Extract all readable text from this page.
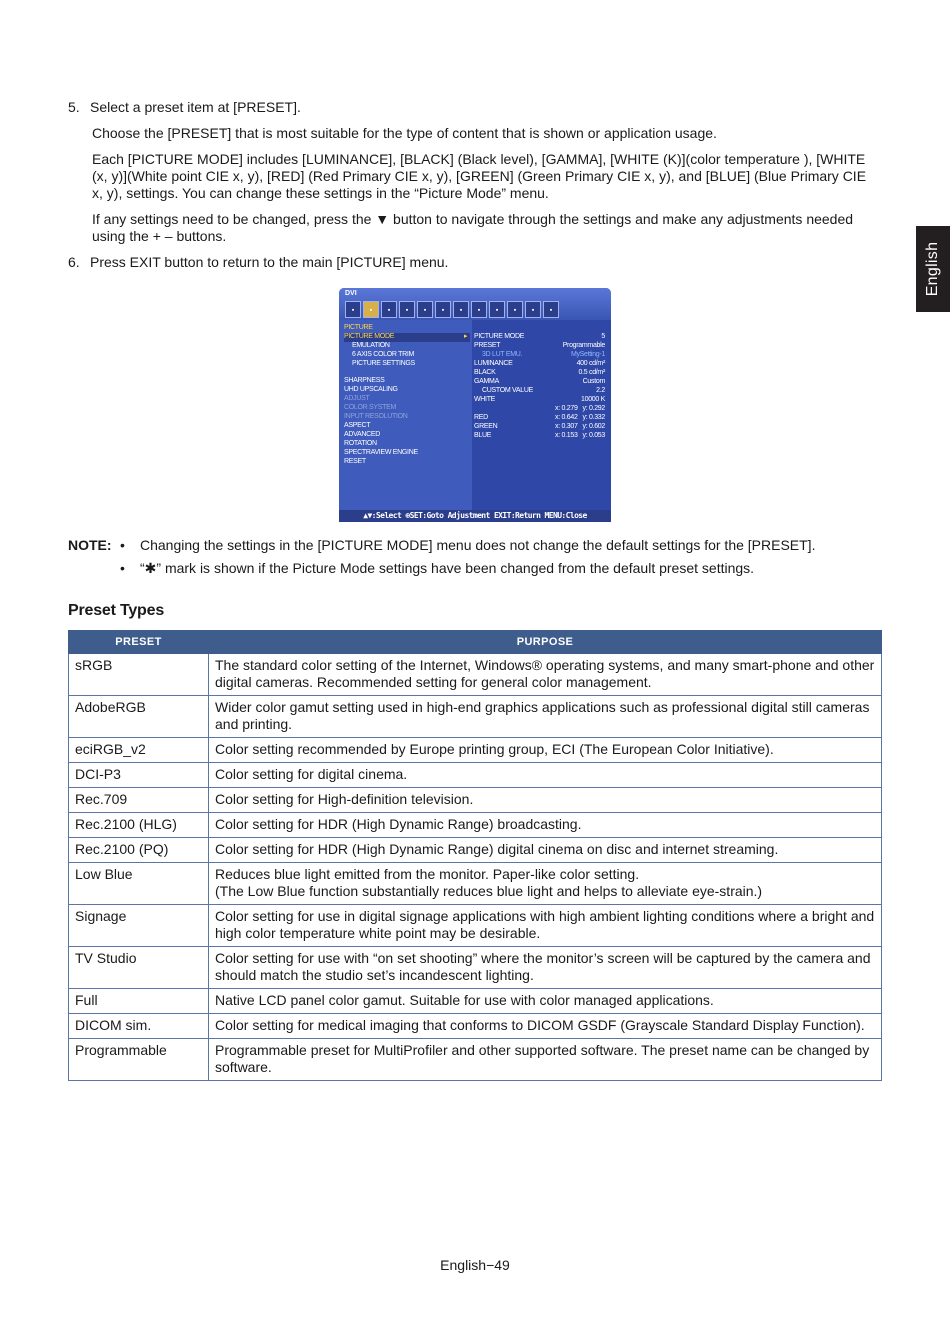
English
5. Select a preset item at [PRESET].
Choose the [PRESET] that is most suitable for the type of content that is shown or application usage.
Each [PICTURE MODE] includes [LUMINANCE], [BLACK] (Black level), [GAMMA], [WHITE (K)](color temperature ), [WHITE (x, y)](White point CIE x, y), [RED] (Red Primary CIE x, y), [GREEN] (Green Primary CIE x, y), and [BLUE] (Blue Primary CIE x, y), settings. You can change these settings in the “Picture Mode” menu.
If any settings need to be changed, press the ▼ button to navigate through the settings and make any adjustments needed using the + – buttons.
6. Press EXIT button to return to the main [PICTURE] menu.
DVI
▪	▪	▪	▪	▪	▪	▪	▪	▪	▪	▪	▪
PICTURE
PICTURE MODE	▸
EMULATION
6 AXIS COLOR TRIM
PICTURE SETTINGS
SHARPNESS
UHD UPSCALING
ADJUST
COLOR SYSTEM
INPUT RESOLUTION
ASPECT
ADVANCED
ROTATION
SPECTRAVIEW ENGINE
RESET
PICTURE MODE
PRESET
3D LUT EMU.
LUMINANCE
BLACK
GAMMA
CUSTOM VALUE
WHITE
RED
GREEN
BLUE
5
Programmable
MySetting-1
400 cd/m²
0.5 cd/m²
Custom
2.2
10000 K
x: 0.279   y: 0.292
x: 0.642   y: 0.332
x: 0.307   y: 0.602
x: 0.153   y: 0.053
▲▼:Select ⊕SET:Goto Adjustment EXIT:Return MENU:Close
NOTE: •	Changing the settings in the [PICTURE MODE] menu does not change the default settings for the [PRESET].
•	“✱” mark is shown if the Picture Mode settings have been changed from the default preset settings.
Preset Types
PRESET	PURPOSE
sRGB	The standard color setting of the Internet, Windows® operating systems, and many smart-phone and other digital cameras. Recommended setting for general color management.
AdobeRGB	Wider color gamut setting used in high-end graphics applications such as professional digital still cameras and printing.
eciRGB_v2	Color setting recommended by Europe printing group, ECI (The European Color Initiative).
DCI-P3	Color setting for digital cinema.
Rec.709	Color setting for High-definition television.
Rec.2100 (HLG)	Color setting for HDR (High Dynamic Range) broadcasting.
Rec.2100 (PQ)	Color setting for HDR (High Dynamic Range) digital cinema on disc and internet streaming.
Low Blue	Reduces blue light emitted from the monitor. Paper-like color setting.
(The Low Blue function substantially reduces blue light and helps to alleviate eye-strain.)
Signage	Color setting for use in digital signage applications with high ambient lighting conditions where a bright and high color temperature white point may be desirable.
TV Studio	Color setting for use with “on set shooting” where the monitor’s screen will be captured by the camera and should match the studio set’s incandescent lighting.
Full	Native LCD panel color gamut. Suitable for use with color managed applications.
DICOM sim.	Color setting for medical imaging that conforms to DICOM GSDF (Grayscale Standard Display Function).
Programmable	Programmable preset for MultiProfiler and other supported software. The preset name can be changed by software.
English−49
